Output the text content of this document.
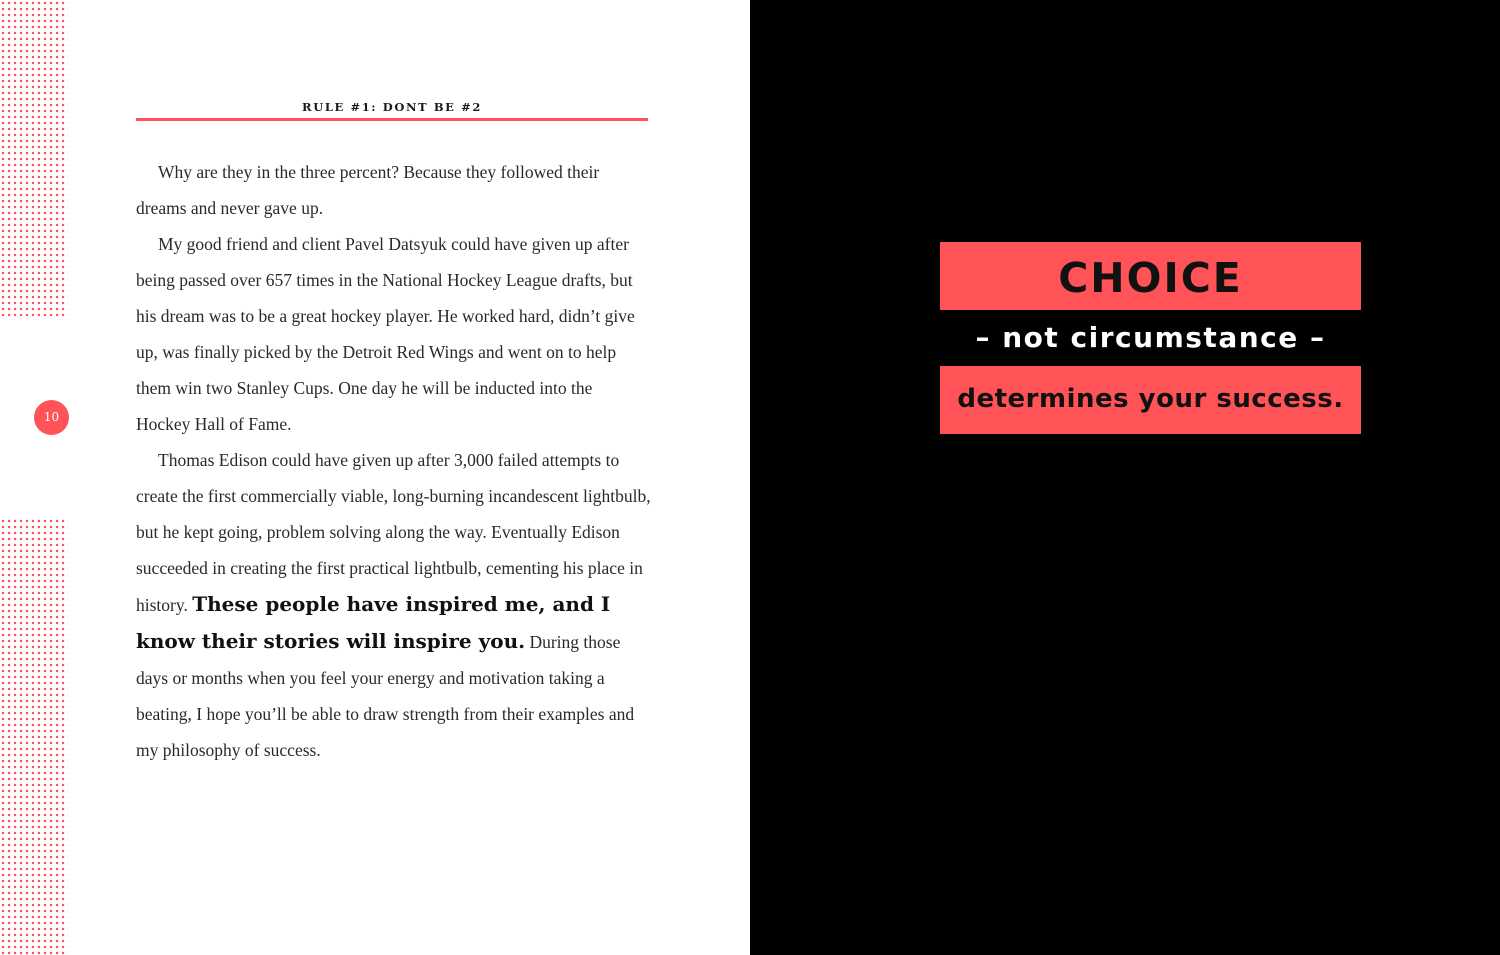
10
RULE #1: DONT BE #2

Why are they in the three percent? Because they followed their dreams and never gave up.

My good friend and client Pavel Datsyuk could have given up after being passed over 657 times in the National Hockey League drafts, but his dream was to be a great hockey player. He worked hard, didn’t give up, was finally picked by the Detroit Red Wings and went on to help them win two Stanley Cups. One day he will be inducted into the Hockey Hall of Fame.

Thomas Edison could have given up after 3,000 failed attempts to create the first commercially viable, long-burning incandescent lightbulb, but he kept going, problem solving along the way. Eventually Edison succeeded in creating the first practical lightbulb, cementing his place in history. These people have inspired me, and I know their stories will inspire you. During those days or months when you feel your energy and motivation taking a beating, I hope you’ll be able to draw strength from their examples and my philosophy of success.

CHOICE
– not circumstance –
determines your success.
